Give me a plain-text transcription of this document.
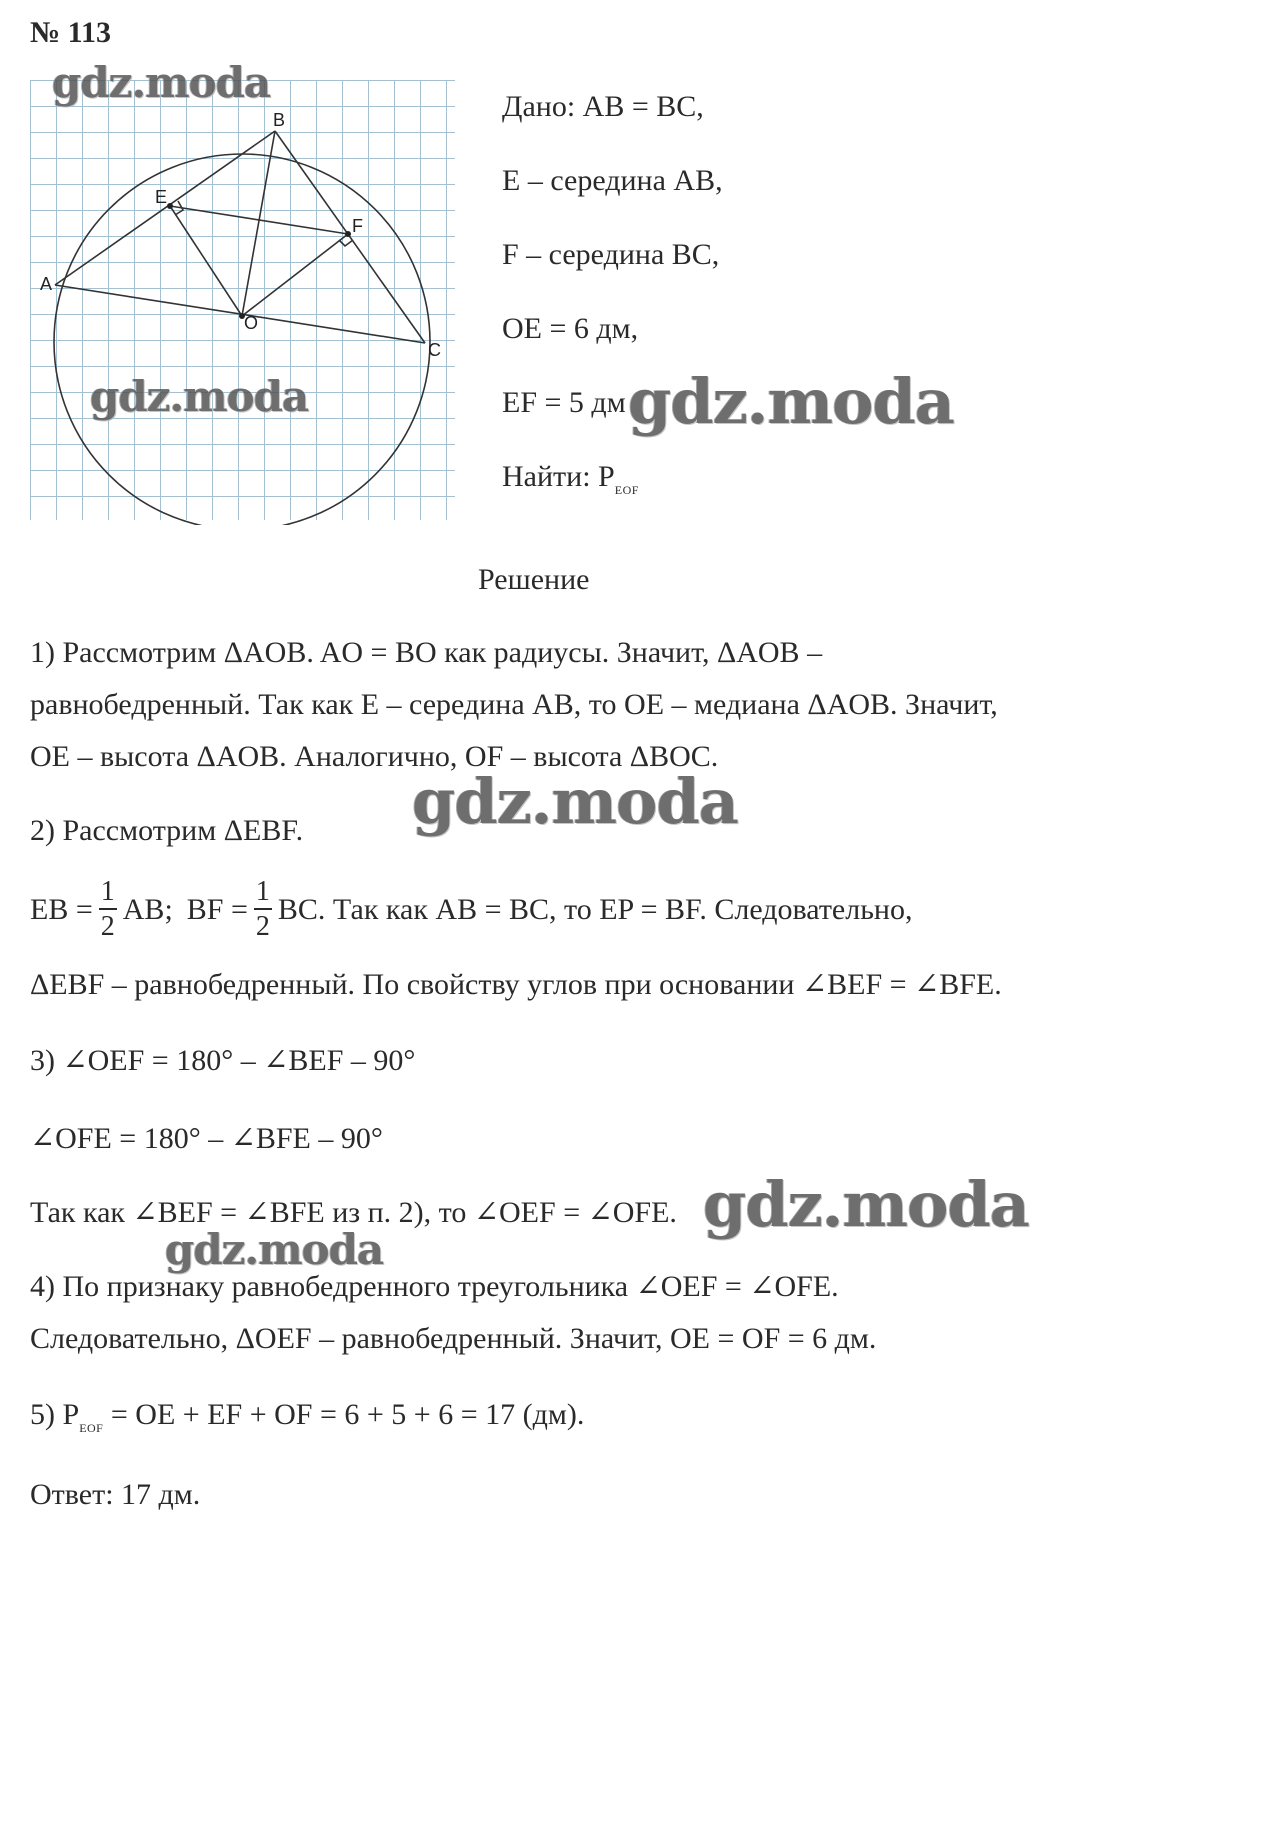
№ 113
A
B
C
E
F
O
gdz.moda
gdz.moda	gdz.moda
gdz.moda
gdz.moda
gdz.moda
Дано: AB = BC,
E – середина AB,
F – середина BC,
OE = 6 дм,
EF = 5 дм
Найти: $P_{EOF}$
Решение
1) Рассмотрим ΔAOB. AO = BO как радиусы. Значит, ΔAOB –
равнобедренный. Так как E – середина AB, то OE – медиана ΔAOB. Значит,
OE – высота ΔAOB. Аналогично, OF – высота ΔBOC.
2) Рассмотрим ΔEBF.
EB = $\frac{1}{2}$ AB; BF = $\frac{1}{2}$ BC. Так как AB = BC, то EP = BF. Следовательно,
ΔEBF – равнобедренный. По свойству углов при основании ∠BEF = ∠BFE.
3) ∠OEF = 180° – ∠BEF – 90°
∠OFE = 180° – ∠BFE – 90°
Так как ∠BEF = ∠BFE из п. 2), то ∠OEF = ∠OFE.
4) По признаку равнобедренного треугольника ∠OEF = ∠OFE.
Следовательно, ΔOEF – равнобедренный. Значит, OE = OF = 6 дм.
5) $P_{EOF}$ = OE + EF + OF = 6 + 5 + 6 = 17 (дм).
Ответ: 17 дм.
